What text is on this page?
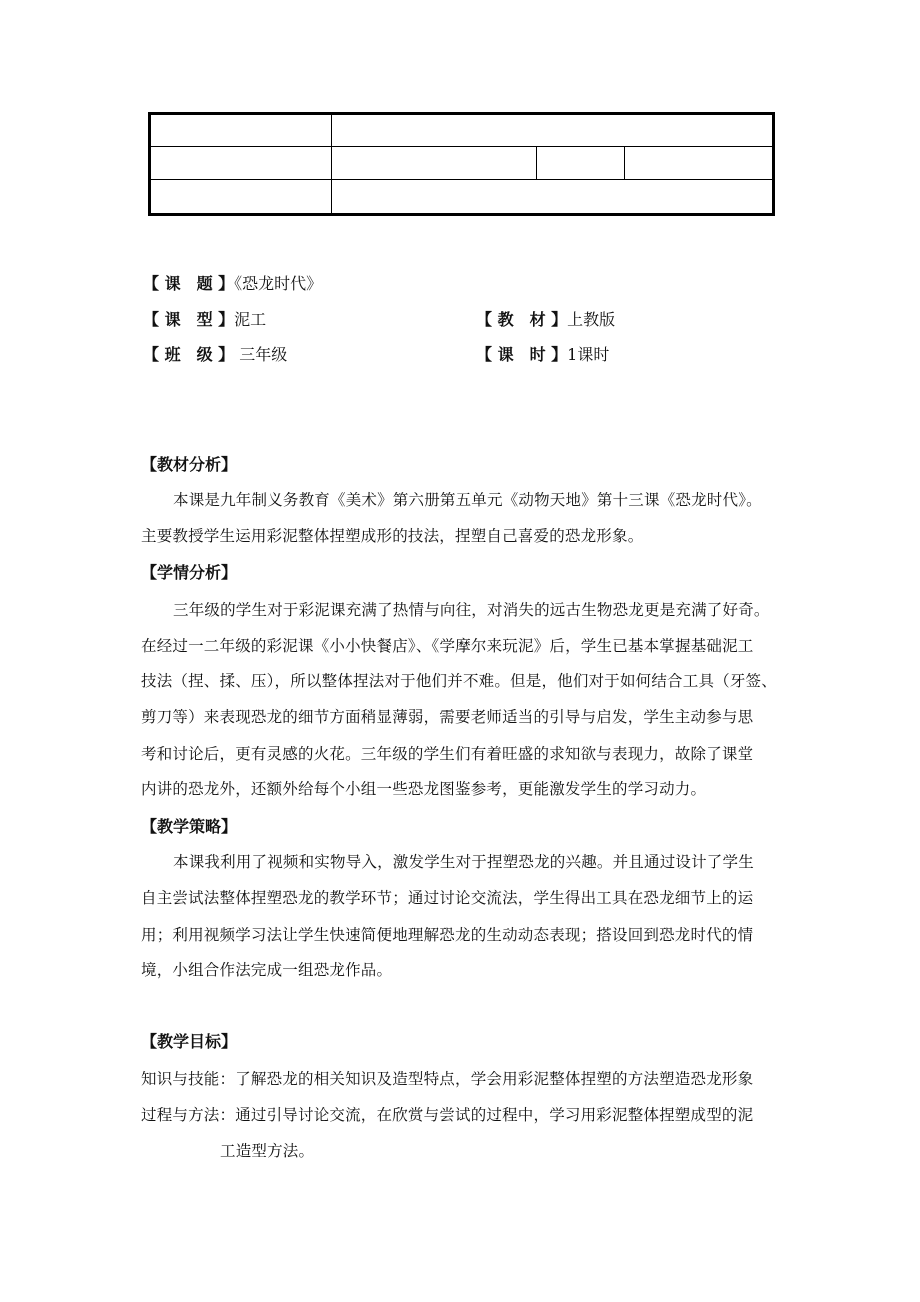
【 课　题 】《恐龙时代》
【 课　型 】泥工	【 教　材 】上教版
【 班　级 】 三年级	【 课　时 】1课时
【教材分析】
本课是九年制义务教育《美术》第六册第五单元《动物天地》第十三课《恐龙时代》。
主要教授学生运用彩泥整体捏塑成形的技法，捏塑自己喜爱的恐龙形象。
【学情分析】
三年级的学生对于彩泥课充满了热情与向往，对消失的远古生物恐龙更是充满了好奇。
在经过一二年级的彩泥课《小小快餐店》、《学摩尔来玩泥》后，学生已基本掌握基础泥工
技法（捏、揉、压），所以整体捏法对于他们并不难。但是，他们对于如何结合工具（牙签、
剪刀等）来表现恐龙的细节方面稍显薄弱，需要老师适当的引导与启发，学生主动参与思
考和讨论后，更有灵感的火花。三年级的学生们有着旺盛的求知欲与表现力，故除了课堂
内讲的恐龙外，还额外给每个小组一些恐龙图鉴参考，更能激发学生的学习动力。
【教学策略】
本课我利用了视频和实物导入，激发学生对于捏塑恐龙的兴趣。并且通过设计了学生
自主尝试法整体捏塑恐龙的教学环节；通过讨论交流法，学生得出工具在恐龙细节上的运
用；利用视频学习法让学生快速简便地理解恐龙的生动动态表现；搭设回到恐龙时代的情
境，小组合作法完成一组恐龙作品。
【教学目标】
知识与技能：了解恐龙的相关知识及造型特点，学会用彩泥整体捏塑的方法塑造恐龙形象
过程与方法：通过引导讨论交流，在欣赏与尝试的过程中，学习用彩泥整体捏塑成型的泥
工造型方法。
